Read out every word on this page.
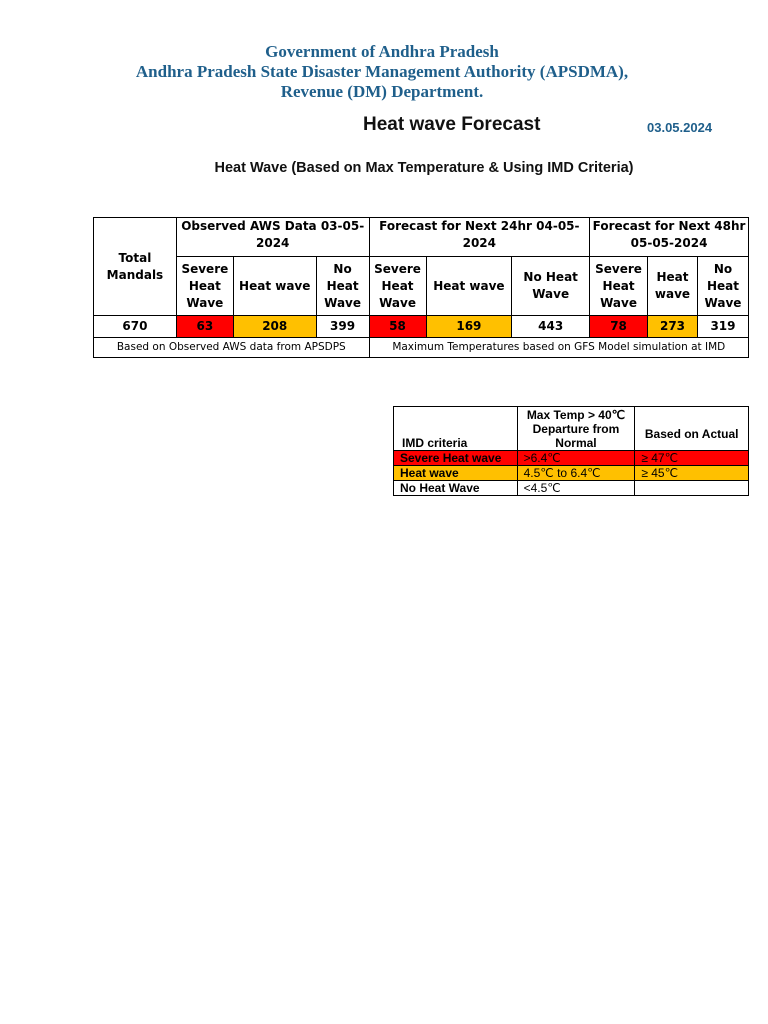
Government of Andhra Pradesh
Andhra Pradesh State Disaster Management Authority (APSDMA),
Revenue (DM) Department.
Heat wave Forecast	03.05.2024
Heat Wave (Based on Max Temperature & Using IMD Criteria)
Total Mandals	Observed AWS Data 03-05-2024			Forecast for Next 24hr 04-05-2024			Forecast for Next 48hr 05-05-2024		
	Severe Heat Wave	Heat wave	No Heat Wave	Severe Heat Wave	Heat wave	No Heat Wave	Severe Heat Wave	Heat wave	No Heat Wave
670	63	208	399	58	169	443	78	273	319
Based on Observed AWS data from APSDPS				Maximum Temperatures based on GFS Model simulation at IMD					
IMD criteria	Max Temp > 40℃ Departure from Normal	Based on Actual
Severe Heat wave	>6.4℃	≥ 47℃
Heat wave	4.5℃ to 6.4℃	≥ 45℃
No Heat Wave	<4.5℃	
